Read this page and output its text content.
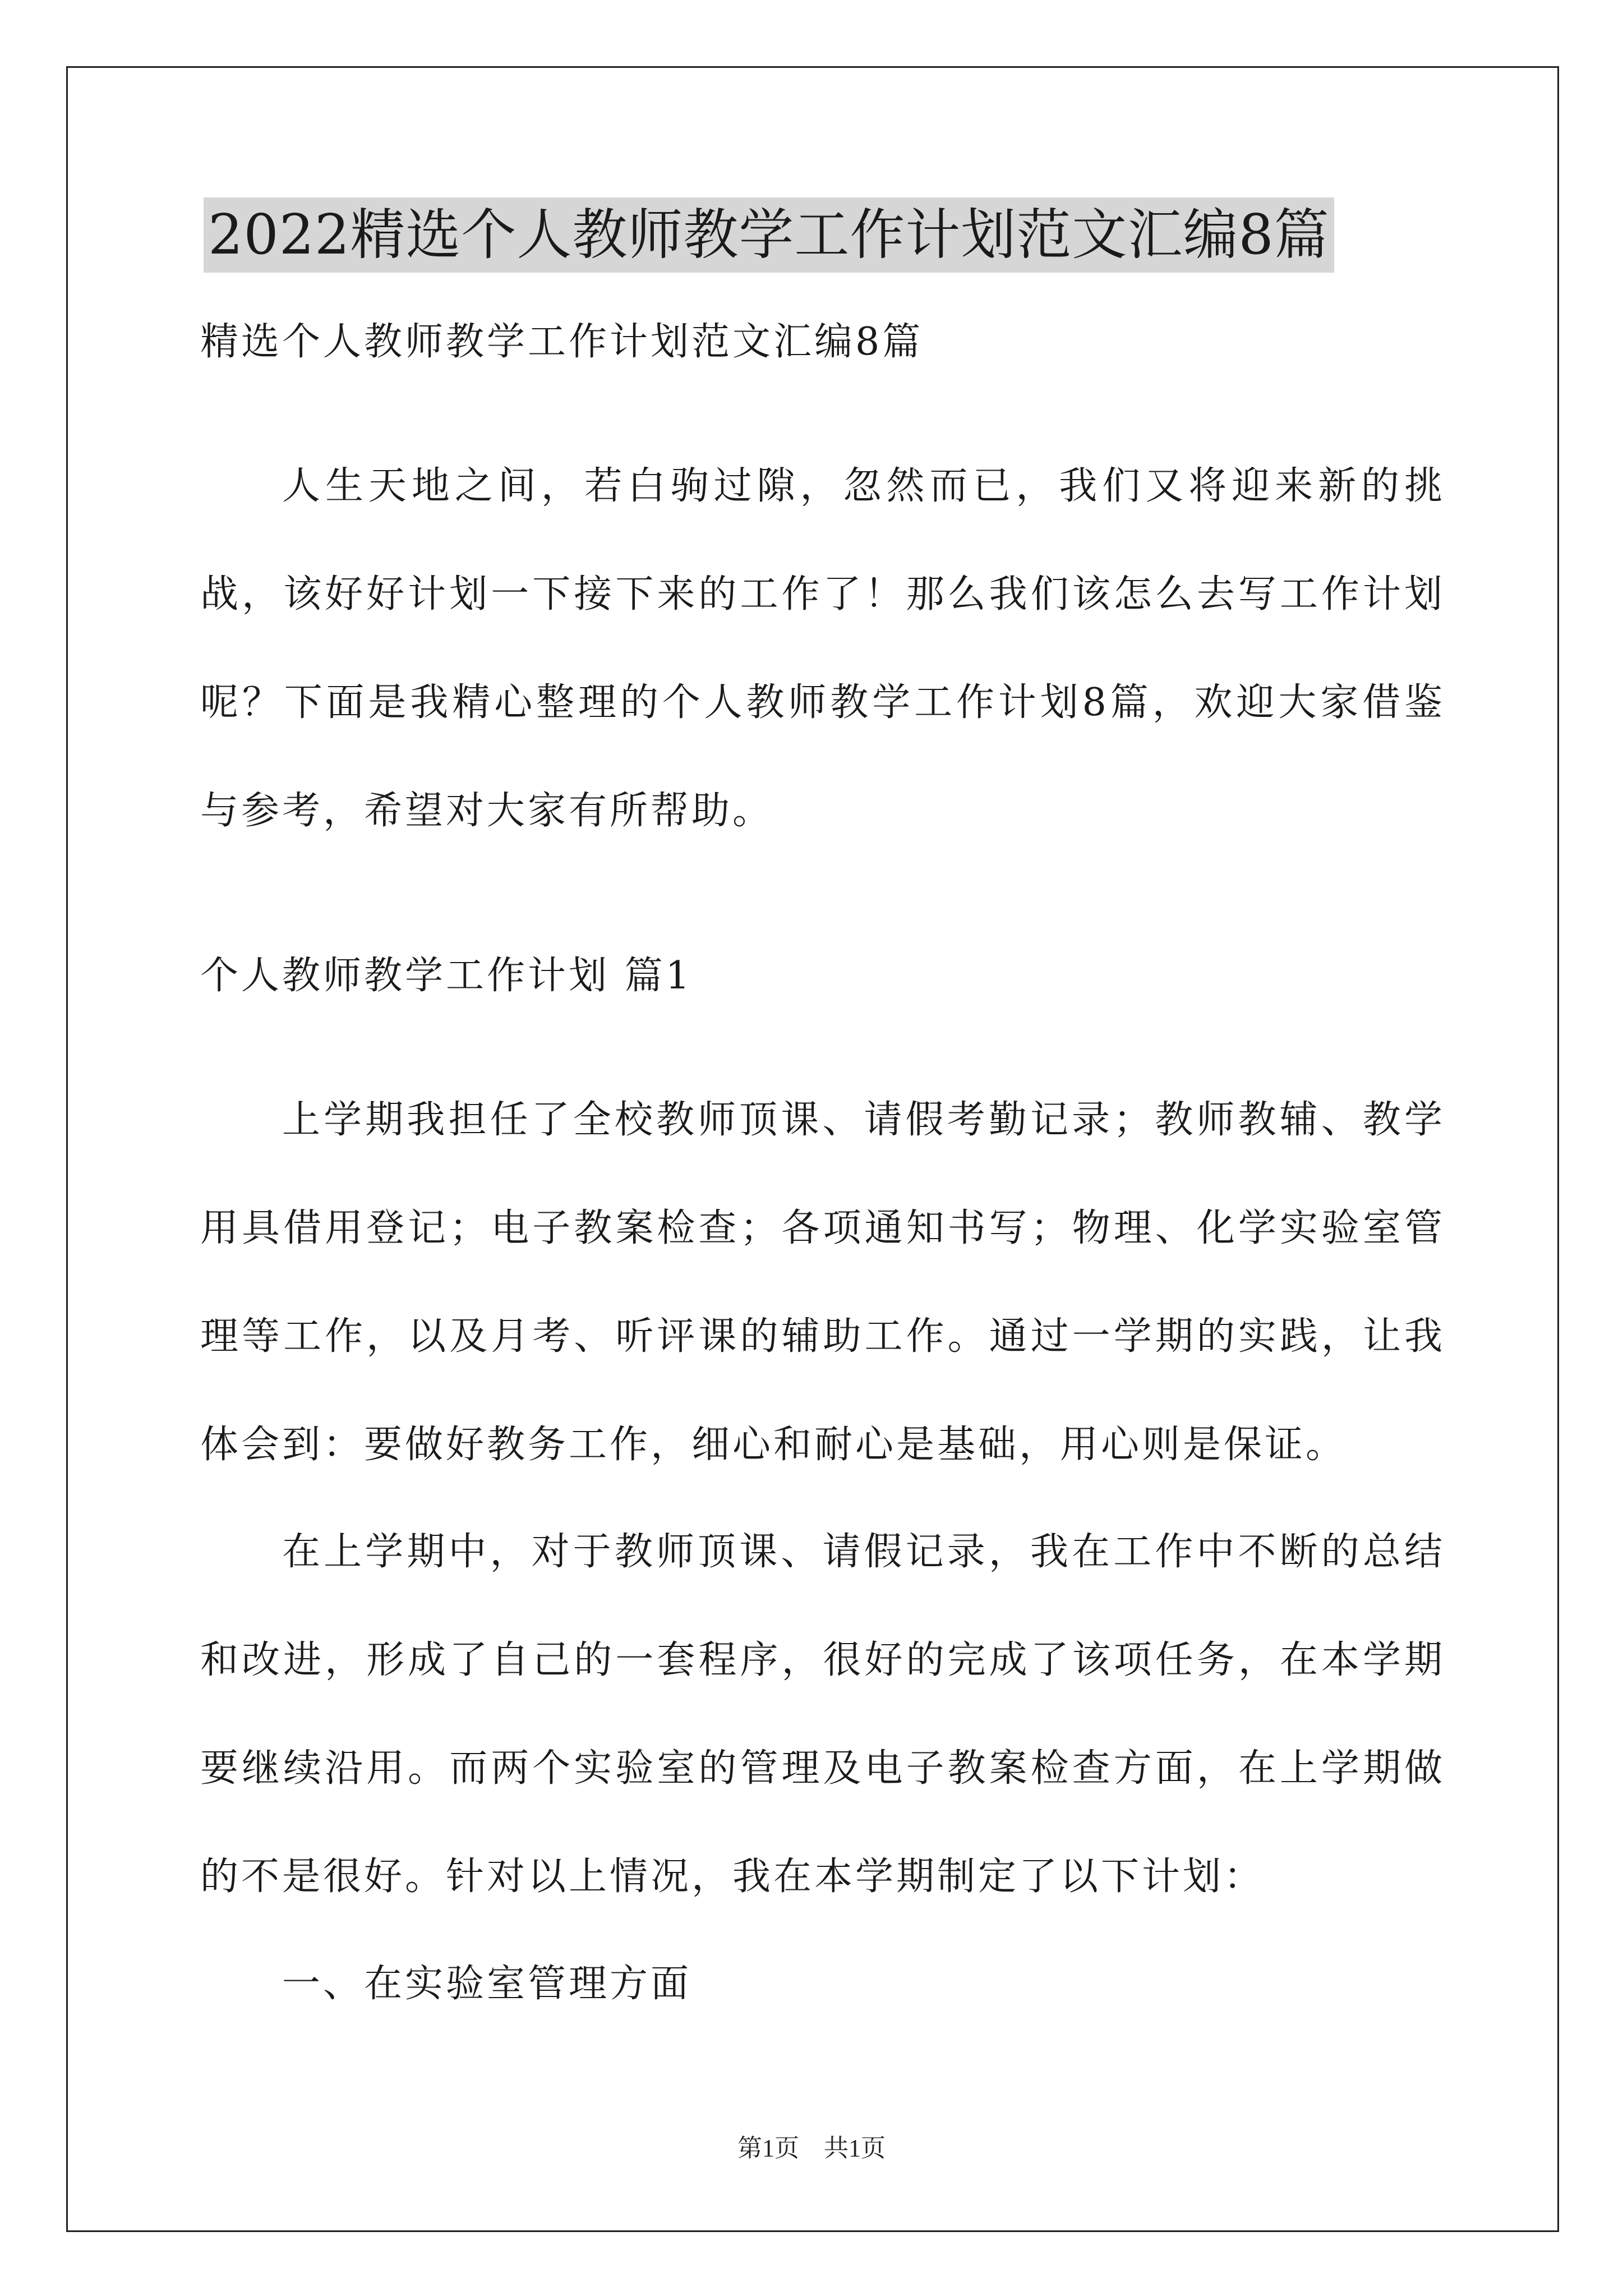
2022精选个人教师教学工作计划范文汇编8篇
精选个人教师教学工作计划范文汇编8篇
人生天地之间，若白驹过隙，忽然而已，我们又将迎来新的挑战，该好好计划一下接下来的工作了！那么我们该怎么去写工作计划呢？下面是我精心整理的个人教师教学工作计划8篇，欢迎大家借鉴与参考，希望对大家有所帮助。
个人教师教学工作计划 篇1
上学期我担任了全校教师顶课、请假考勤记录；教师教辅、教学用具借用登记；电子教案检查；各项通知书写；物理、化学实验室管理等工作，以及月考、听评课的辅助工作。通过一学期的实践，让我体会到：要做好教务工作，细心和耐心是基础，用心则是保证。
在上学期中，对于教师顶课、请假记录，我在工作中不断的总结和改进，形成了自己的一套程序，很好的完成了该项任务，在本学期要继续沿用。而两个实验室的管理及电子教案检查方面，在上学期做的不是很好。针对以上情况，我在本学期制定了以下计划：
一、在实验室管理方面
第1页　共1页
